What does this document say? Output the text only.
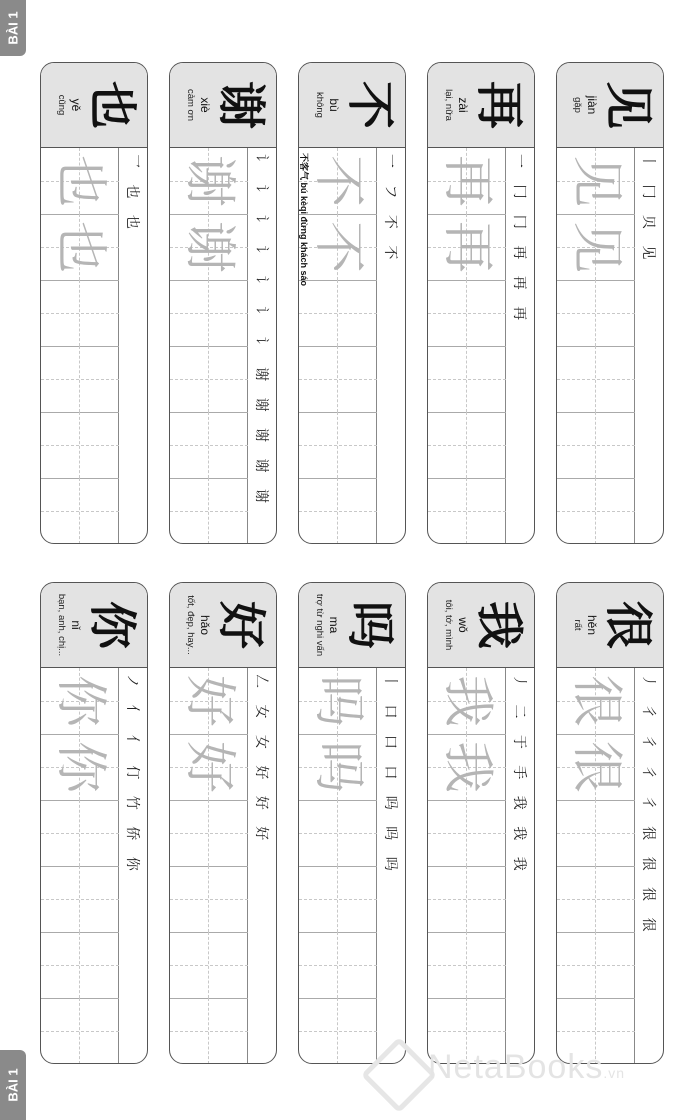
BÀI 1
BÀI 1
你
nǐ
bạn, anh, chị...
ノ 亻 亻 仃 竹 侨 你
你
你
好
hǎo
tốt, đẹp, hay...
𠃋 女 女 好 好 好
好
好
吗
ma
trợ từ nghi vấn
丨 口 口 口 吗 吗 吗
吗
吗
我
wǒ
tôi, tớ, mình
丿 二 于 手 我 我 我
我
我
很
hěn
rất
丿 彳 彳 彳 彳 很 很 很 很
很
很
也
yě
cũng
乛 也 也
也
也
谢
xiè
cảm ơn
讠 讠 讠 讠 讠 讠 讠 谢 谢 谢 谢 谢
谢
谢
不
bù
không
一 フ 不 不
不
不
不客气 bú kèqi đừng khách sáo
再
zài
lại, nữa
一 冂 冂 再 再 再
再
再
见
jiàn
gặp
丨 冂 贝 见
见
见
NetaBooks.vn
